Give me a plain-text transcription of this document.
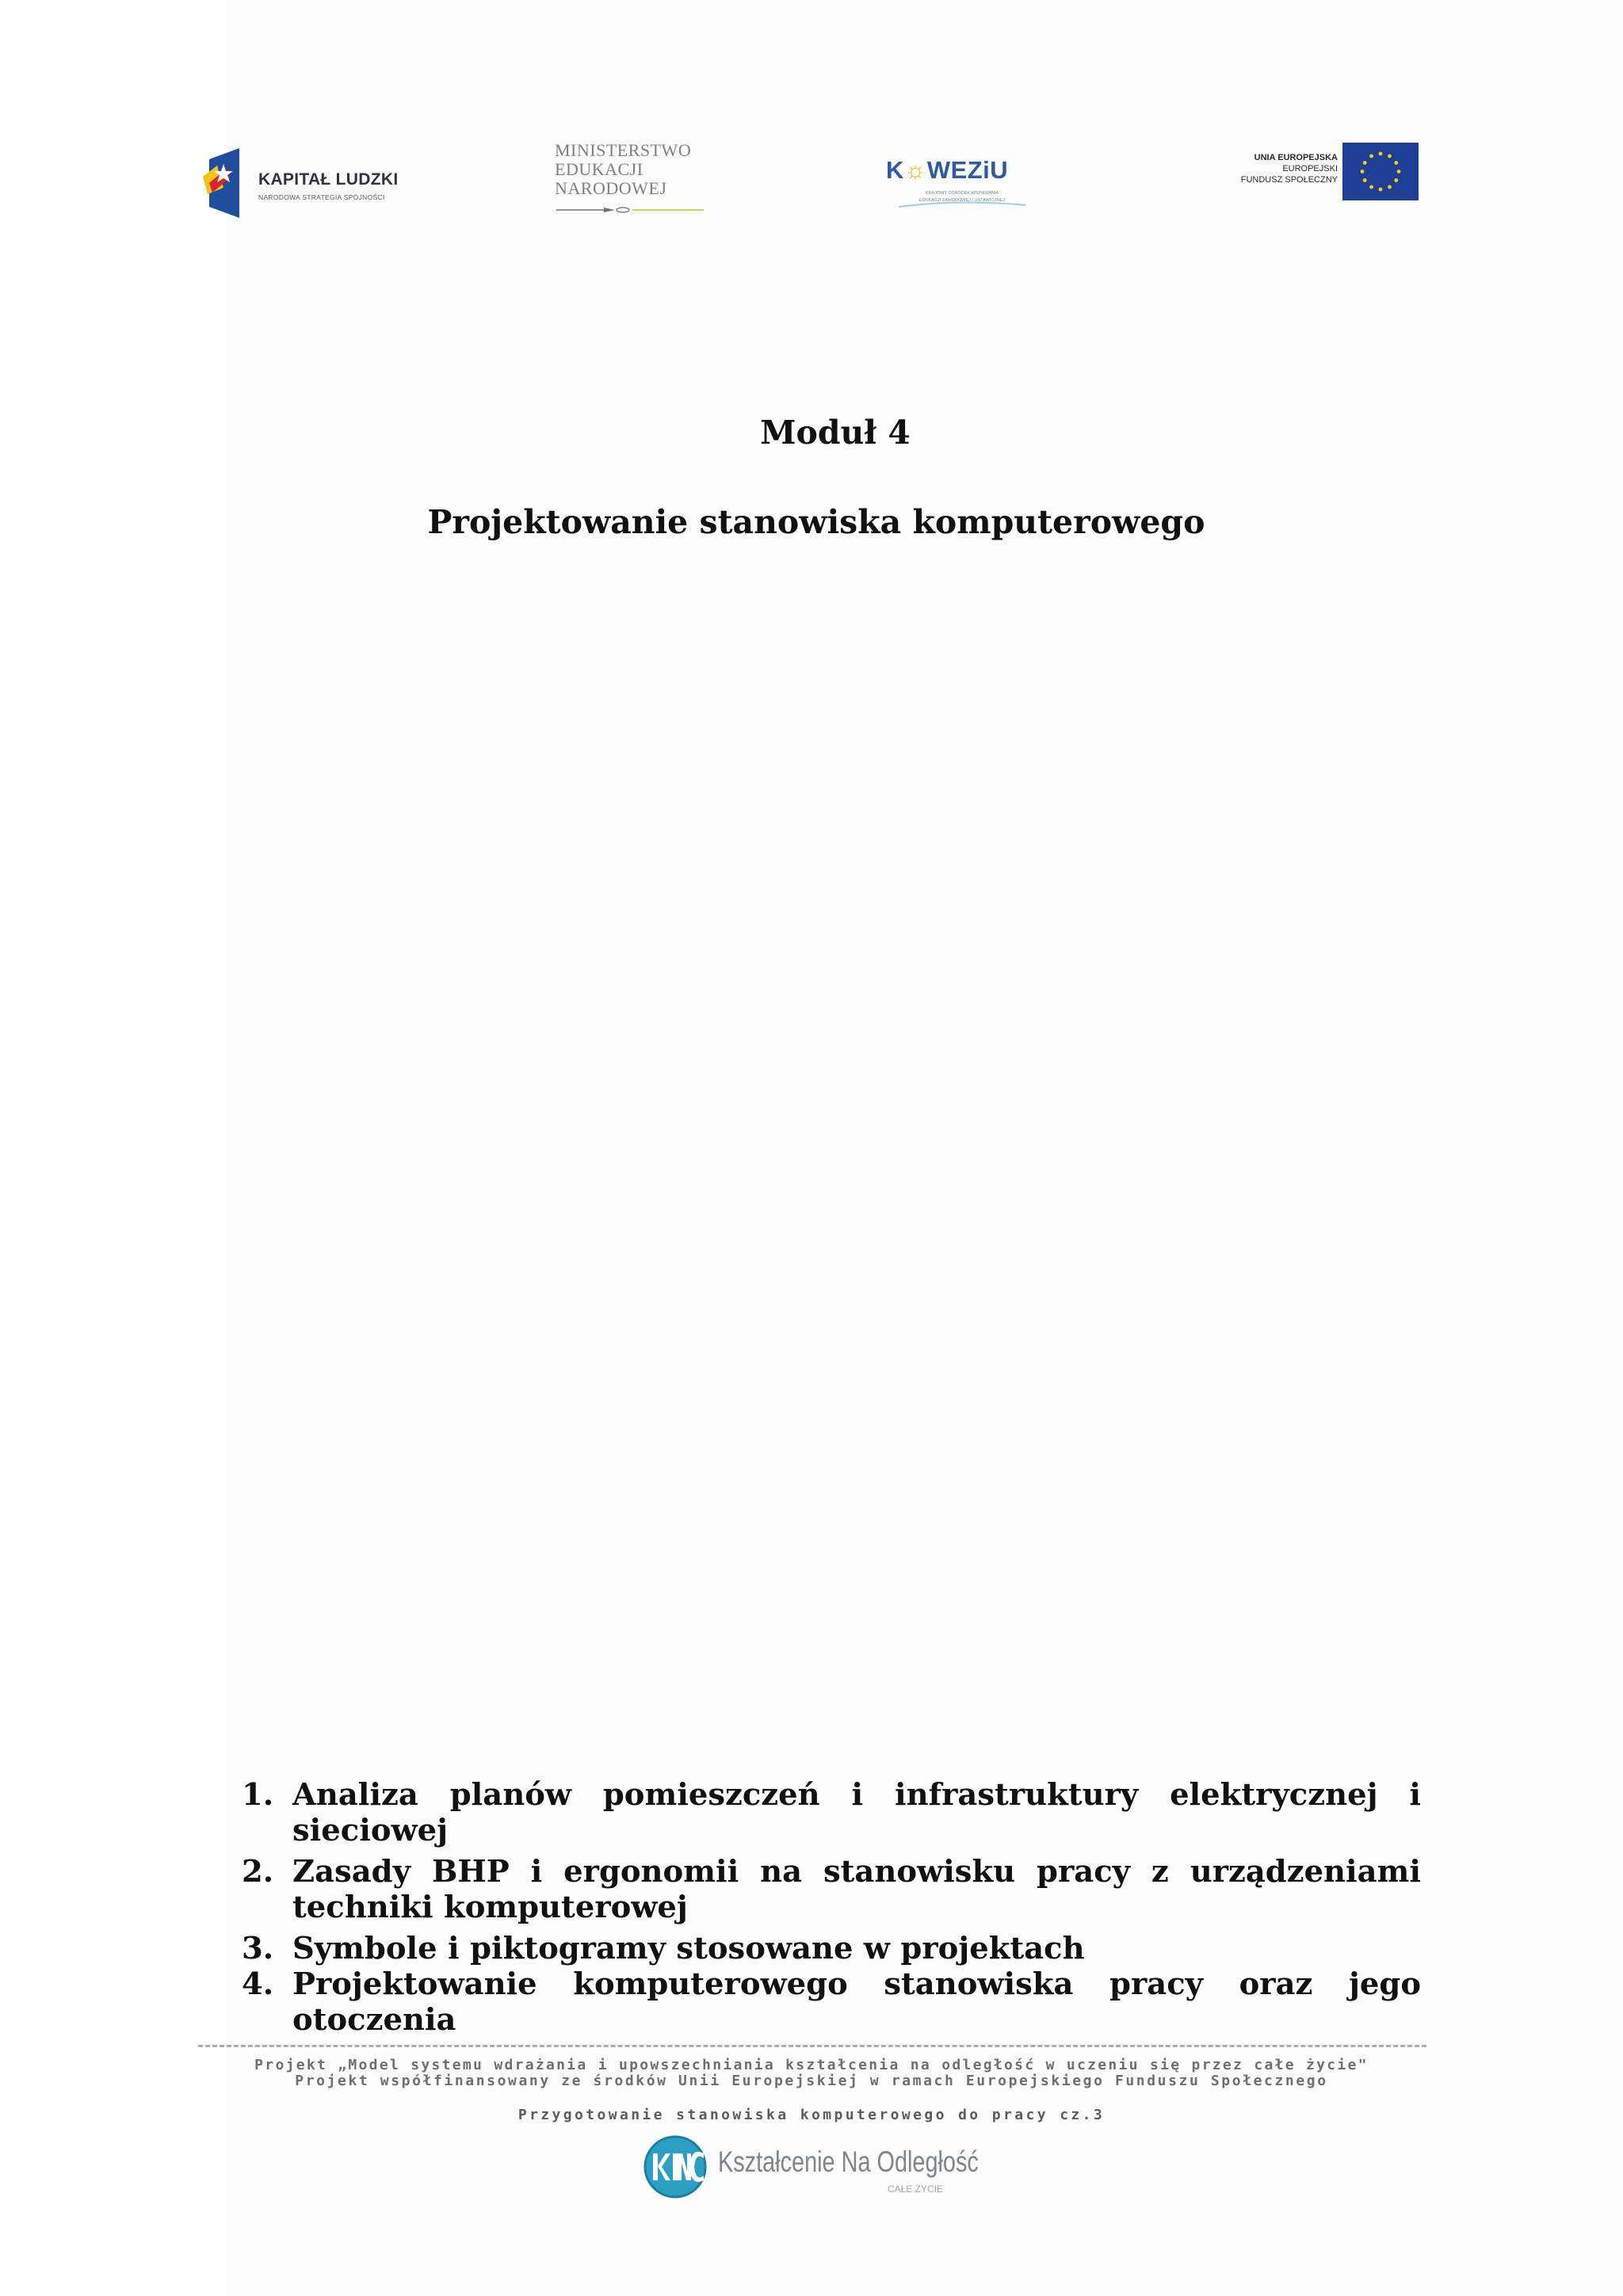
KAPITAŁ LUDZKI
NARODOWA STRATEGIA SPÓJNOŚCI
MINISTERSTWO
EDUKACJI
NARODOWEJ
K☼WEZiU
KRAJOWY OŚRODEK WSPIERANIA
EDUKACJI ZAWODOWEJ I USTAWICZNEJ
UNIA EUROPEJSKA
EUROPEJSKI
FUNDUSZ SPOŁECZNY
Moduł 4
Projektowanie stanowiska komputerowego
1. Analiza planów pomieszczeń i infrastruktury elektrycznej i sieciowej
2. Zasady BHP i ergonomii na stanowisku pracy z urządzeniami techniki komputerowej
3. Symbole i piktogramy stosowane w projektach
4. Projektowanie komputerowego stanowiska pracy oraz jego otoczenia
Projekt „Model systemu wdrażania i upowszechniania kształcenia na odległość w uczeniu się przez całe życie"
Projekt współfinansowany ze środków Unii Europejskiej w ramach Europejskiego Funduszu Społecznego
Przygotowanie stanowiska komputerowego do pracy cz.3
Kształcenie Na Odległość
CAŁE ŻYCIE
